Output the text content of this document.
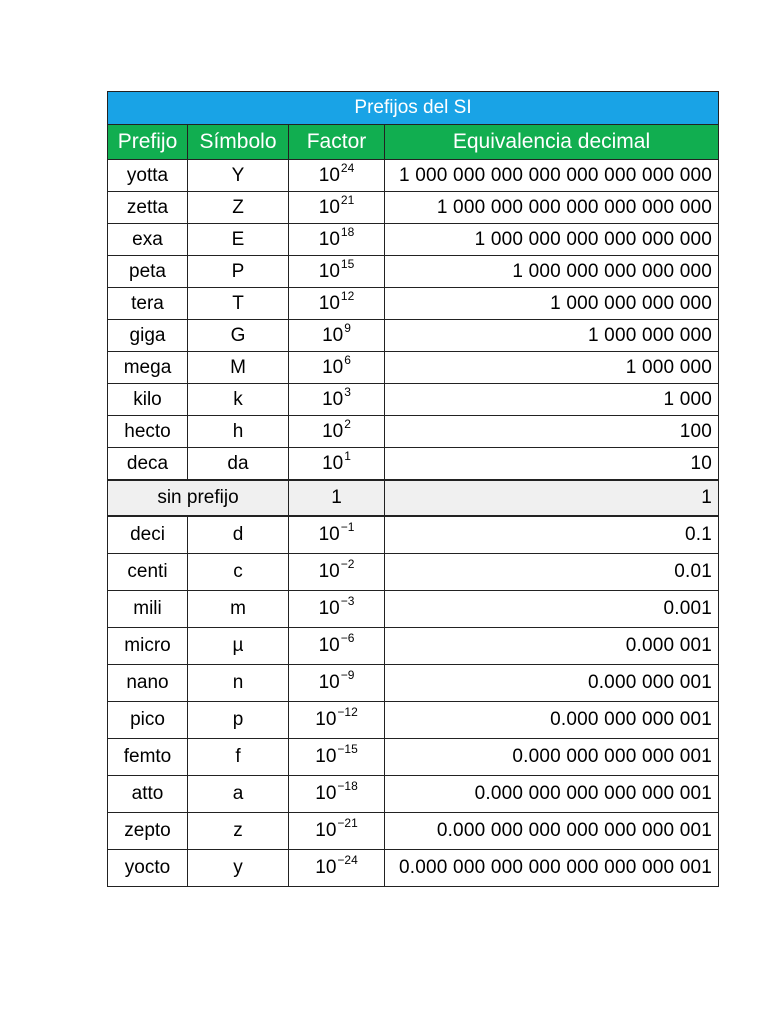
Prefijos del SI			
Prefijo	Símbolo	Factor	Equivalencia decimal
yotta	Y	$10^{24}$	1 000 000 000 000 000 000 000 000
zetta	Z	$10^{21}$	1 000 000 000 000 000 000 000
exa	E	$10^{18}$	1 000 000 000 000 000 000
peta	P	$10^{15}$	1 000 000 000 000 000
tera	T	$10^{12}$	1 000 000 000 000
giga	G	$10^9$	1 000 000 000
mega	M	$10^6$	1 000 000
kilo	k	$10^3$	1 000
hecto	h	$10^2$	100
deca	da	$10^1$	10
sin prefijo		1	1
deci	d	$10^{-1}$	0.1
centi	c	$10^{-2}$	0.01
mili	m	$10^{-3}$	0.001
micro	µ	$10^{-6}$	0.000 001
nano	n	$10^{-9}$	0.000 000 001
pico	p	$10^{-12}$	0.000 000 000 001
femto	f	$10^{-15}$	0.000 000 000 000 001
atto	a	$10^{-18}$	0.000 000 000 000 000 001
zepto	z	$10^{-21}$	0.000 000 000 000 000 000 001
yocto	y	$10^{-24}$	0.000 000 000 000 000 000 000 001
